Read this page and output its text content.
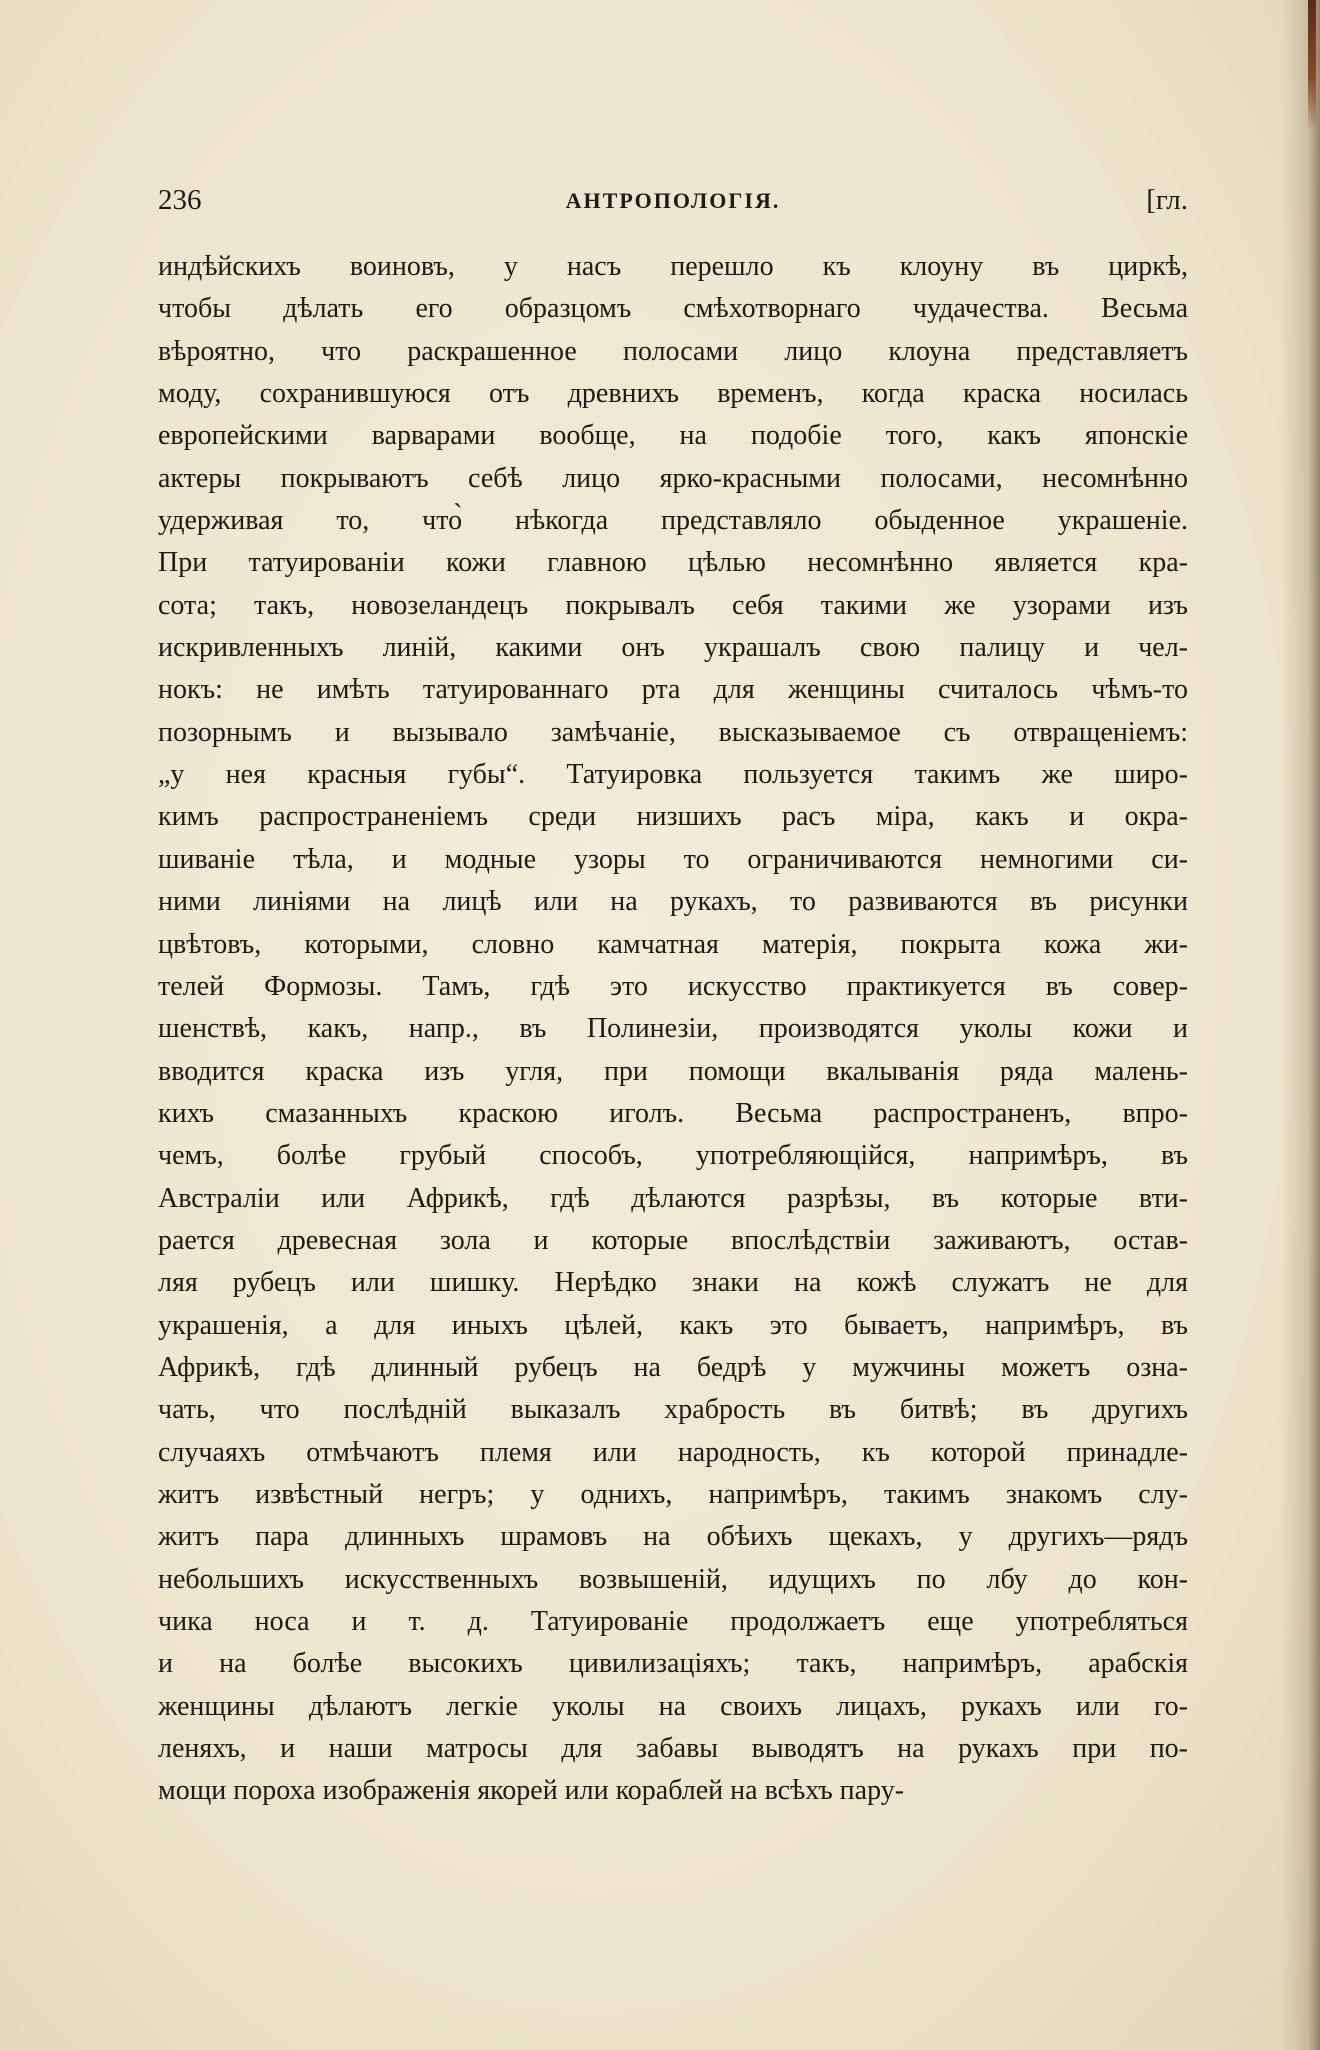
236	АНТРОПОЛОГІЯ.	[гл.
индѣйскихъ воиновъ, у насъ перешло къ клоуну въ циркѣ,
чтобы дѣлать его образцомъ смѣхотворнаго чудачества. Весьма
вѣроятно, что раскрашенное полосами лицо клоуна представляетъ
моду, сохранившуюся отъ древнихъ временъ, когда краска носилась
европейскими варварами вообще, на подобіе того, какъ японскіе
актеры покрываютъ себѣ лицо ярко-красными полосами, несомнѣнно
удерживая то, что̀ нѣкогда представляло обыденное украшеніе.
При татуированіи кожи главною цѣлью несомнѣнно является кра-
сота; такъ, новозеландецъ покрывалъ себя такими же узорами изъ
искривленныхъ линій, какими онъ украшалъ свою палицу и чел-
нокъ: не имѣть татуированнаго рта для женщины считалось чѣмъ-то
позорнымъ и вызывало замѣчаніе, высказываемое съ отвращеніемъ:
„у нея красныя губы“. Татуировка пользуется такимъ же широ-
кимъ распространеніемъ среди низшихъ расъ міра, какъ и окра-
шиваніе тѣла, и модные узоры то ограничиваются немногими си-
ними линіями на лицѣ или на рукахъ, то развиваются въ рисунки
цвѣтовъ, которыми, словно камчатная матерія, покрыта кожа жи-
телей Формозы. Тамъ, гдѣ это искусство практикуется въ совер-
шенствѣ, какъ, напр., въ Полинезіи, производятся уколы кожи и
вводится краска изъ угля, при помощи вкалыванія ряда малень-
кихъ смазанныхъ краскою иголъ. Весьма распространенъ, впро-
чемъ, болѣе грубый способъ, употребляющійся, напримѣръ, въ
Австраліи или Африкѣ, гдѣ дѣлаются разрѣзы, въ которые вти-
рается древесная зола и которые впослѣдствіи заживаютъ, остав-
ляя рубецъ или шишку. Нерѣдко знаки на кожѣ служатъ не для
украшенія, а для иныхъ цѣлей, какъ это бываетъ, напримѣръ, въ
Африкѣ, гдѣ длинный рубецъ на бедрѣ у мужчины можетъ озна-
чать, что послѣдній выказалъ храбрость въ битвѣ; въ другихъ
случаяхъ отмѣчаютъ племя или народность, къ которой принадле-
житъ извѣстный негръ; у однихъ, напримѣръ, такимъ знакомъ слу-
житъ пара длинныхъ шрамовъ на обѣихъ щекахъ, у другихъ—рядъ
небольшихъ искусственныхъ возвышеній, идущихъ по лбу до кон-
чика носа и т. д. Татуированіе продолжаетъ еще употребляться
и на болѣе высокихъ цивилизаціяхъ; такъ, напримѣръ, арабскія
женщины дѣлаютъ легкіе уколы на своихъ лицахъ, рукахъ или го-
леняхъ, и наши матросы для забавы выводятъ на рукахъ при по-
мощи пороха изображенія якорей или кораблей на всѣхъ пару-
